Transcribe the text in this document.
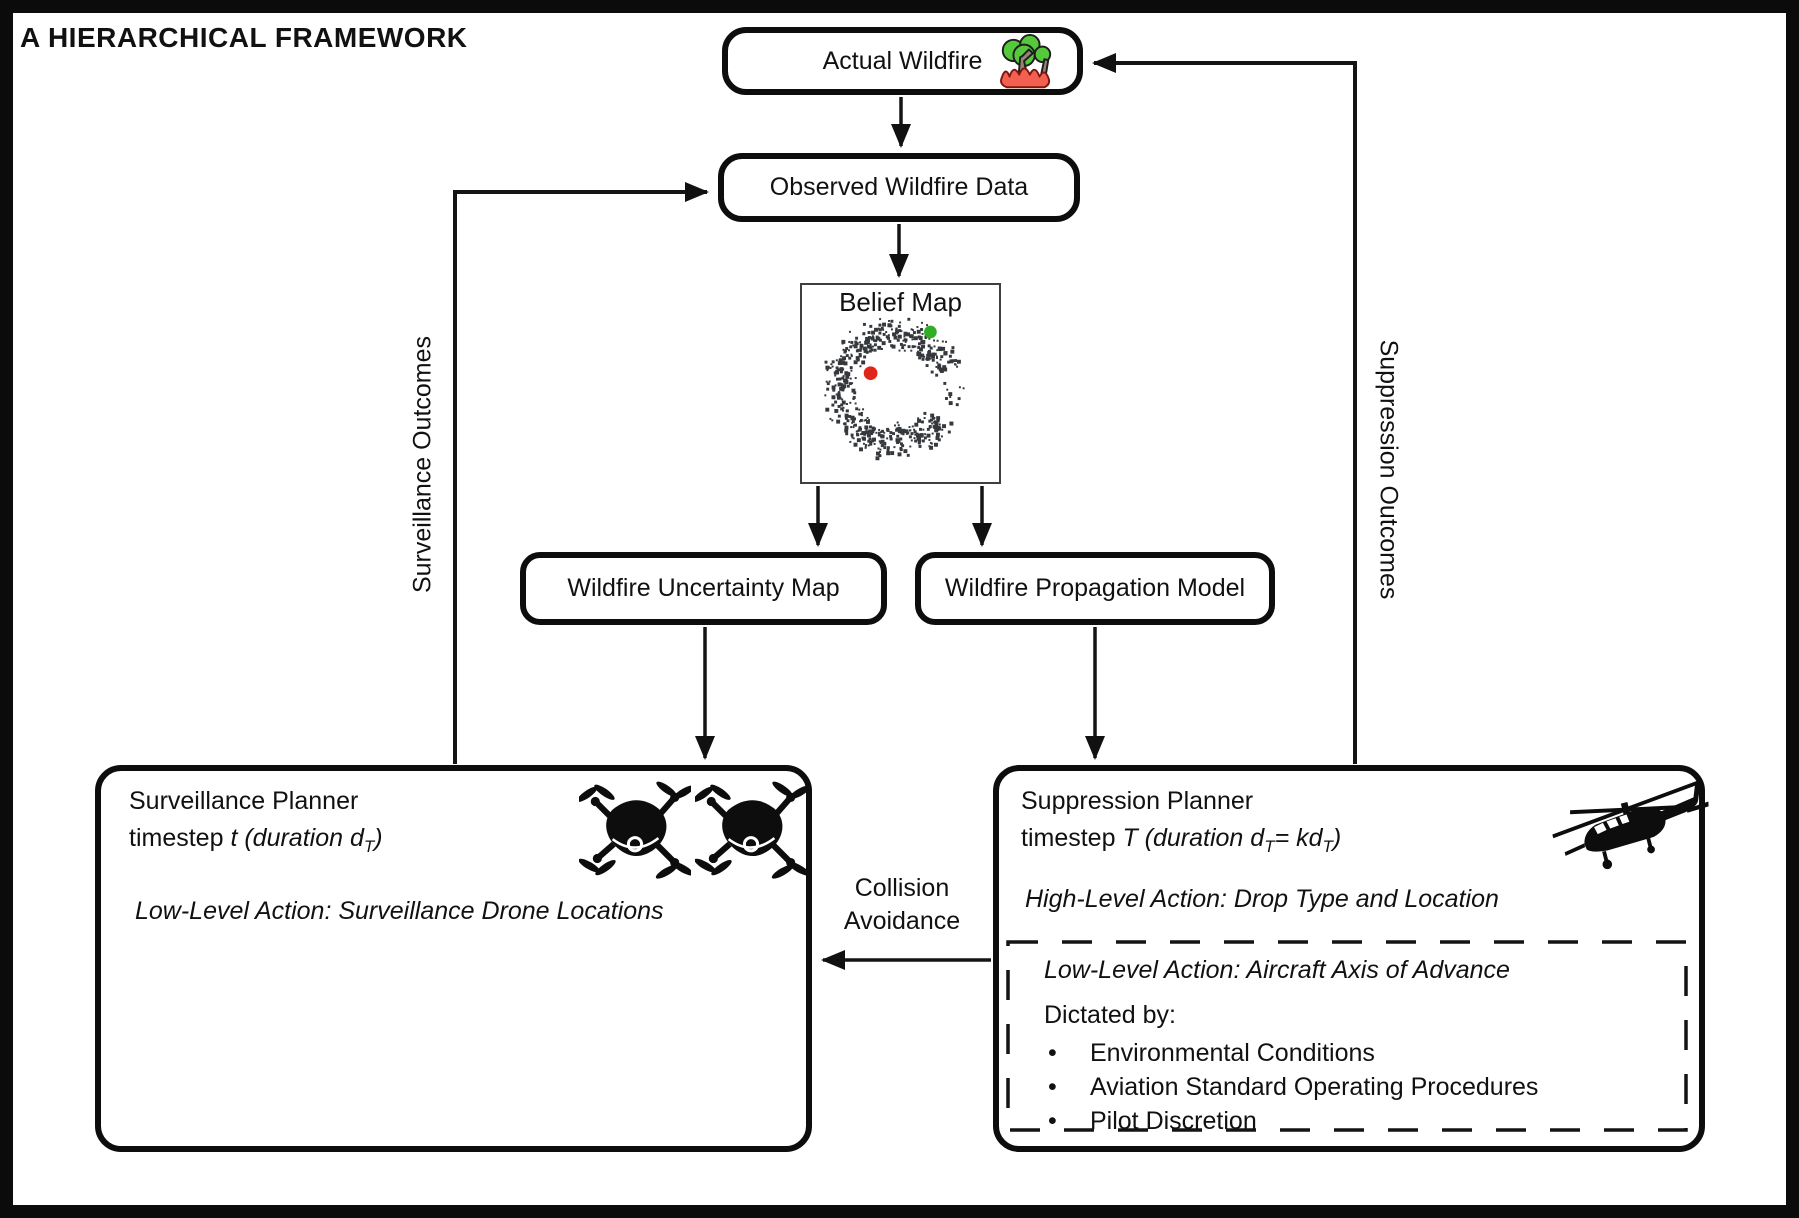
A HIERARCHICAL FRAMEWORK
Actual Wildfire
Observed Wildfire Data
Belief Map
Wildfire Uncertainty Map	Wildfire Propagation Model
Surveillance Planner
timestep t (duration $d_T$)
Low-Level Action: Surveillance Drone Locations
Suppression Planner
timestep T (duration $d_T= kd_T$)
High-Level Action: Drop Type and Location
Low-Level Action: Aircraft Axis of Advance
Dictated by:
• Environmental Conditions
• Aviation Standard Operating Procedures
• Pilot Discretion
Surveillance Outcomes	Suppression Outcomes
Collision
Avoidance
